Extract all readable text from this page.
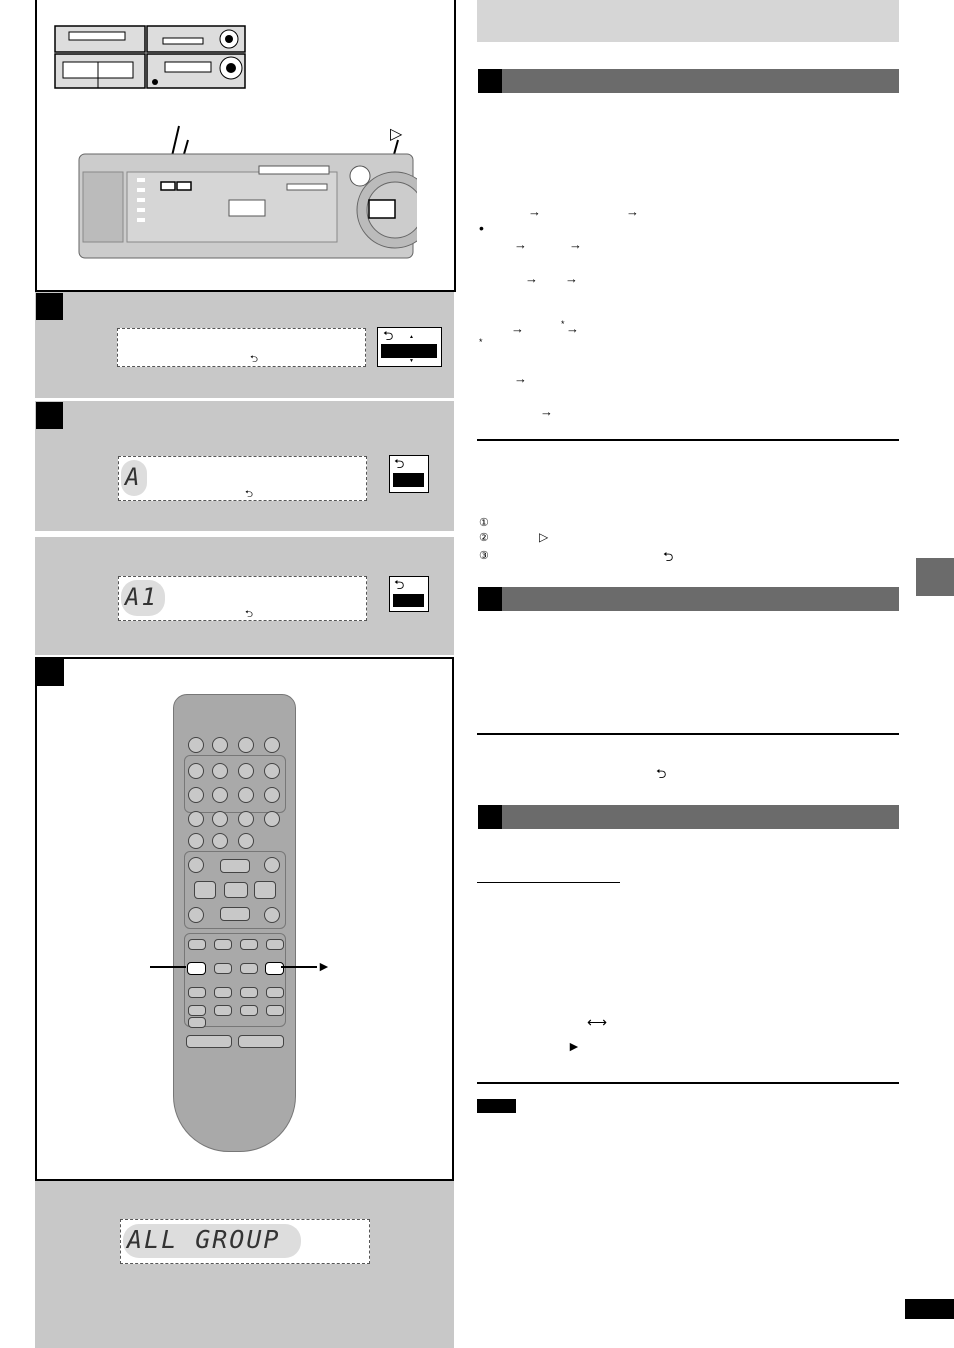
▷
⮌
⮌	▲
▼
A
⮌
⮌
A1
⮌
⮌
►
ALL GROUP
→	→
•
→	→
→ →
→	* →
*
→
→
①
②	▷
③	⮌
⮌
⟷
►
